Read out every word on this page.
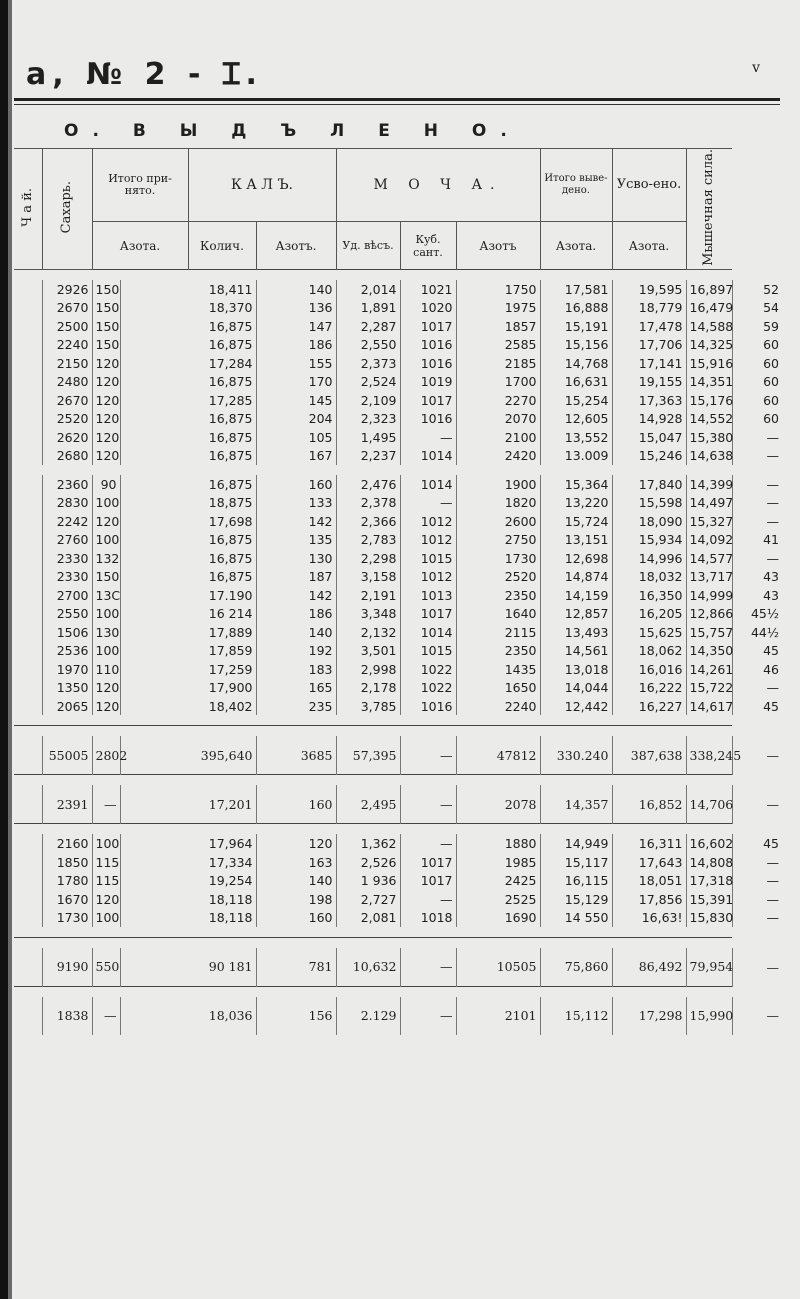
a, № 2 - Ɪ.	v
О. В Ы Д Ъ Л Е Н О.												
Ч а й.	Сахарь.	Итого при-нято.		К А Л Ъ.		М О Ч А.			Итого выве-дено.	Усво-ено.	Мышечная сила.	
		Азота.		Колич.	Азотъ.	Уд. вѣсъ.	Куб. сант.	Азотъ	Азота.	Азота.		

	2926	150	18,411		140	2,014	1021	1750	17,581	19,595	16,897	52
	2670	150	18,370		136	1,891	1020	1975	16,888	18,779	16,479	54
	2500	150	16,875		147	2,287	1017	1857	15,191	17,478	14,588	59
	2240	150	16,875		186	2,550	1016	2585	15,156	17,706	14,325	60
	2150	120	17,284		155	2,373	1016	2185	14,768	17,141	15,916	60
	2480	120	16,875		170	2,524	1019	1700	16,631	19,155	14,351	60
	2670	120	17,285		145	2,109	1017	2270	15,254	17,363	15,176	60
	2520	120	16,875		204	2,323	1016	2070	12,605	14,928	14,552	60
	2620	120	16,875		105	1,495	—	2100	13,552	15,047	15,380	—
	2680	120	16,875		167	2,237	1014	2420	13.009	15,246	14,638	—

	2360	90	16,875		160	2,476	1014	1900	15,364	17,840	14,399	—
	2830	100	18,875		133	2,378	—	1820	13,220	15,598	14,497	—
	2242	120	17,698		142	2,366	1012	2600	15,724	18,090	15,327	—
	2760	100	16,875		135	2,783	1012	2750	13,151	15,934	14,092	41
	2330	132	16,875		130	2,298	1015	1730	12,698	14,996	14,577	—
	2330	150	16,875		187	3,158	1012	2520	14,874	18,032	13,717	43
	2700	13C	17.190		142	2,191	1013	2350	14,159	16,350	14,999	43
	2550	100	16 214		186	3,348	1017	1640	12,857	16,205	12,866	45½
	1506	130	17,889		140	2,132	1014	2115	13,493	15,625	15,757	44½
	2536	100	17,859		192	3,501	1015	2350	14,561	18,062	14,350	45
	1970	110	17,259		183	2,998	1022	1435	13,018	16,016	14,261	46
	1350	120	17,900		165	2,178	1022	1650	14,044	16,222	15,722	—
	2065	120	18,402		235	3,785	1016	2240	12,442	16,227	14,617	45

	55005	2802	395,640		3685	57,395	—	47812	330.240	387,638	338,245	—

	2391	—	17,201		160	2,495	—	2078	14,357	16,852	14,706	—

	2160	100	17,964		120	1,362	—	1880	14,949	16,311	16,602	45
	1850	115	17,334		163	2,526	1017	1985	15,117	17,643	14,808	—
	1780	115	19,254		140	1 936	1017	2425	16,115	18,051	17,318	—
	1670	120	18,118		198	2,727	—	2525	15,129	17,856	15,391	—
	1730	100	18,118		160	2,081	1018	1690	14 550	16,63!	15,830	—

	9190	550	90 181		781	10,632	—	10505	75,860	86,492	79,954	—

	1838	—	18,036		156	2.129	—	2101	15,112	17,298	15,990	—
